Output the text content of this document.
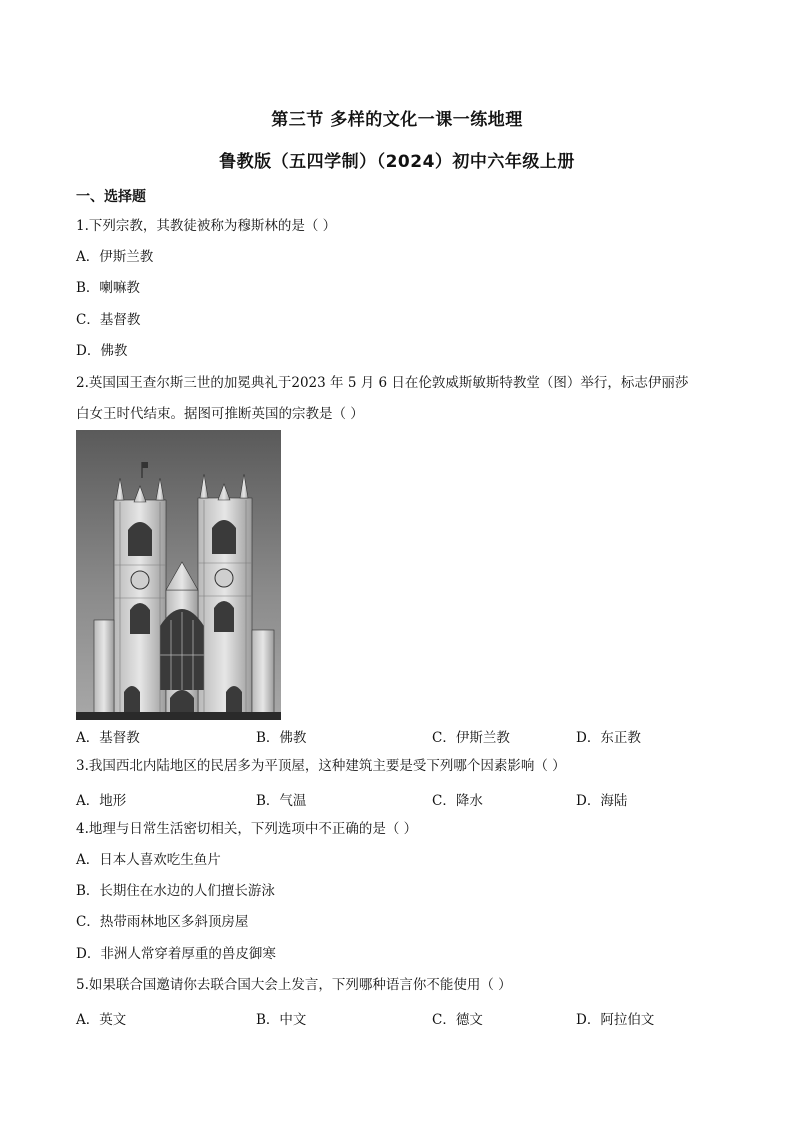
第三节 多样的文化一课一练地理
鲁教版（五四学制）（2024）初中六年级上册
一、选择题
1.下列宗教，其教徒被称为穆斯林的是（ ）
A．伊斯兰教
B．喇嘛教
C．基督教
D．佛教
2.英国国王查尔斯三世的加冕典礼于2023 年 5 月 6 日在伦敦威斯敏斯特教堂（图）举行，标志伊丽莎
白女王时代结束。据图可推断英国的宗教是（ ）
A．基督教	B．佛教	C．伊斯兰教	D．东正教
3.我国西北内陆地区的民居多为平顶屋，这种建筑主要是受下列哪个因素影响（ ）
A．地形	B．气温	C．降水	D．海陆
4.地理与日常生活密切相关，下列选项中不正确的是（ ）
A．日本人喜欢吃生鱼片
B．长期住在水边的人们擅长游泳
C．热带雨林地区多斜顶房屋
D．非洲人常穿着厚重的兽皮御寒
5.如果联合国邀请你去联合国大会上发言，下列哪种语言你不能使用（ ）
A．英文	B．中文	C．德文	D．阿拉伯文
